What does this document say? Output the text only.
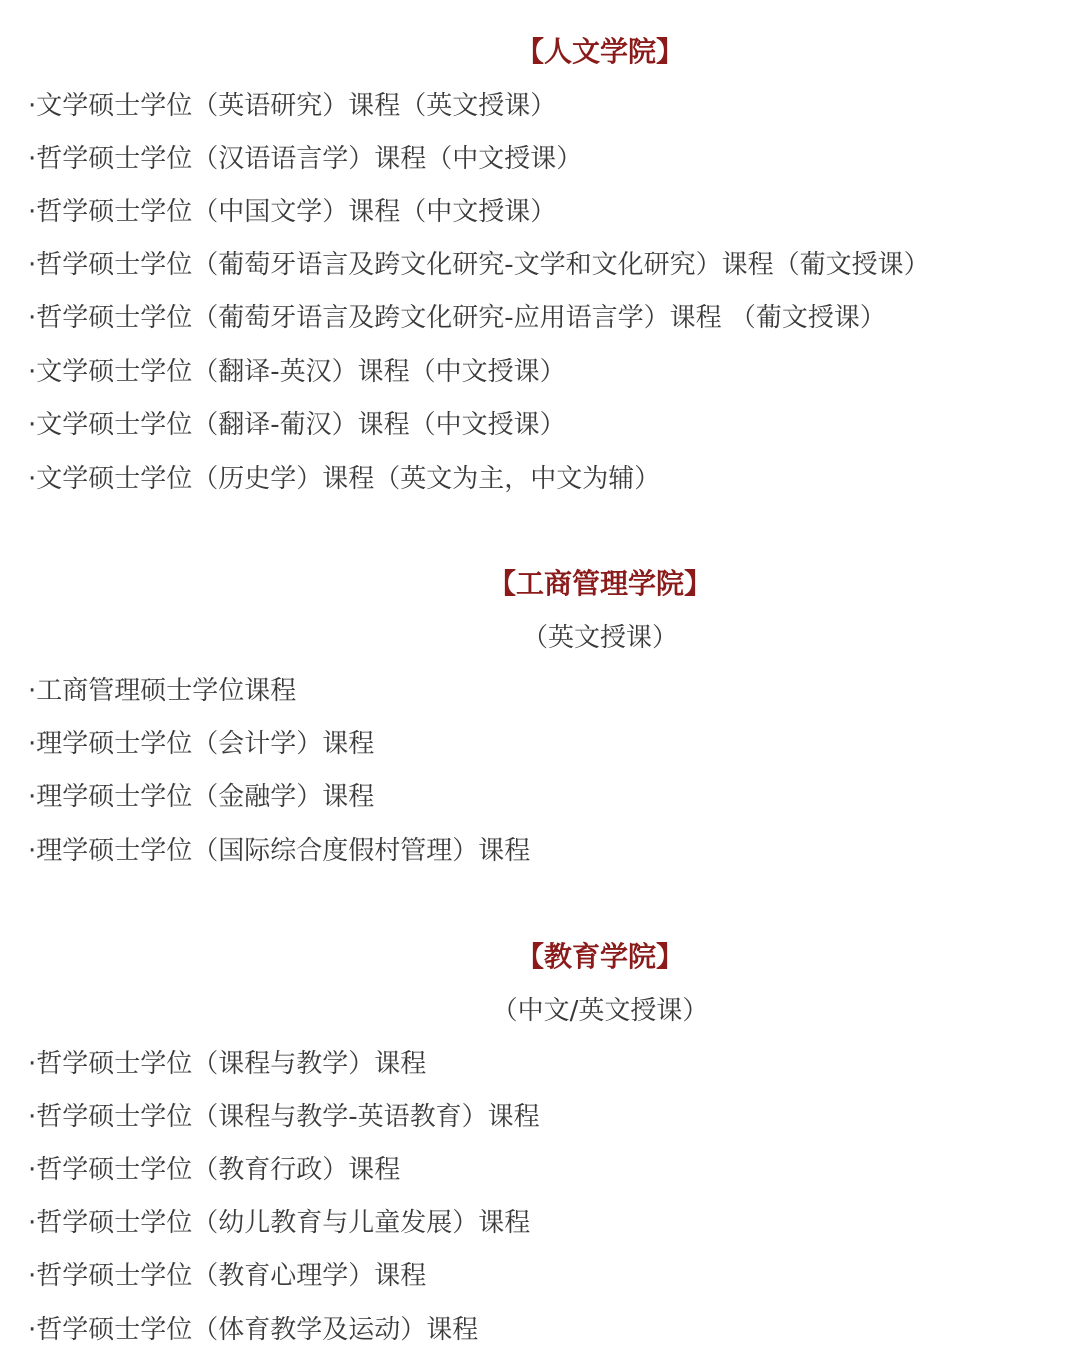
【人文学院】

·文学硕士学位（英语研究）课程（英文授课）

·哲学硕士学位（汉语语言学）课程（中文授课）

·哲学硕士学位（中国文学）课程（中文授课）

·哲学硕士学位（葡萄牙语言及跨文化研究-文学和文化研究）课程（葡文授课）

·哲学硕士学位（葡萄牙语言及跨文化研究-应用语言学）课程 （葡文授课）

·文学硕士学位（翻译-英汉）课程（中文授课）

·文学硕士学位（翻译-葡汉）课程（中文授课）

·文学硕士学位（历史学）课程（英文为主，中文为辅）

【工商管理学院】

（英文授课）

·工商管理硕士学位课程

·理学硕士学位（会计学）课程

·理学硕士学位（金融学）课程

·理学硕士学位（国际综合度假村管理）课程

【教育学院】

（中文/英文授课）

·哲学硕士学位（课程与教学）课程

·哲学硕士学位（课程与教学-英语教育）课程

·哲学硕士学位（教育行政）课程

·哲学硕士学位（幼儿教育与儿童发展）课程

·哲学硕士学位（教育心理学）课程

·哲学硕士学位（体育教学及运动）课程
